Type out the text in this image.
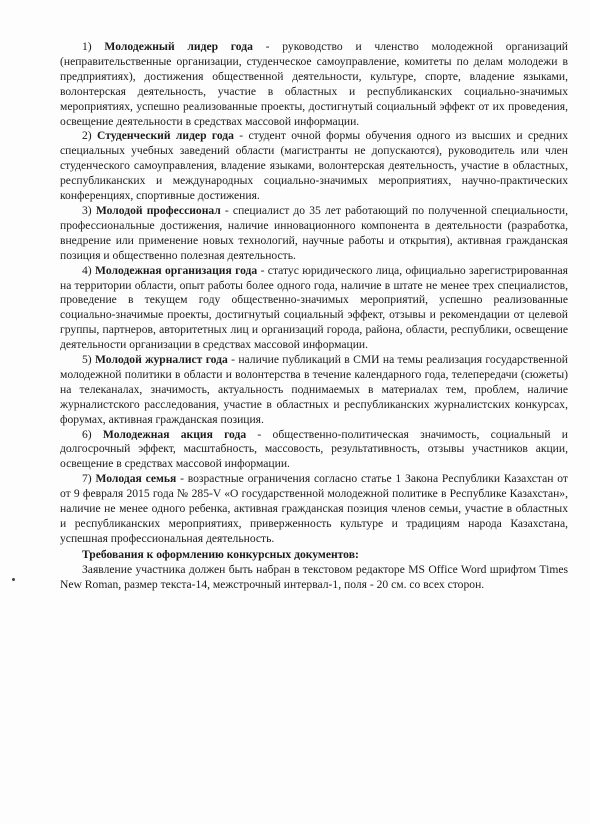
1) Молодежный лидер года - руководство и членство молодежной организаций (неправительственные организации, студенческое самоуправление, комитеты по делам молодежи в предприятиях), достижения общественной деятельности, культуре, спорте, владение языками, волонтерская деятельность, участие в областных и республиканских социально-значимых мероприятиях, успешно реализованные проекты, достигнутый социальный эффект от их проведения, освещение деятельности в средствах массовой информации.

2) Студенческий лидер года - студент очной формы обучения одного из высших и средних специальных учебных заведений области (магистранты не допускаются), руководитель или член студенческого самоуправления, владение языками, волонтерская деятельность, участие в областных, республиканских и международных социально-значимых мероприятиях, научно-практических конференциях, спортивные достижения.

3) Молодой профессионал - специалист до 35 лет работающий по полученной специальности, профессиональные достижения, наличие инновационного компонента в деятельности (разработка, внедрение или применение новых технологий, научные работы и открытия), активная гражданская позиция и общественно полезная деятельность.

4) Молодежная организация года - статус юридического лица, официально зарегистрированная на территории области, опыт работы более одного года, наличие в штате не менее трех специалистов, проведение в текущем году общественно-значимых мероприятий, успешно реализованные социально-значимые проекты, достигнутый социальный эффект, отзывы и рекомендации от целевой группы, партнеров, авторитетных лиц и организаций города, района, области, республики, освещение деятельности организации в средствах массовой информации.

5) Молодой журналист года - наличие публикаций в СМИ на темы реализация государственной молодежной политики в области и волонтерства в течение календарного года, телепередачи (сюжеты) на телеканалах, значимость, актуальность поднимаемых в материалах тем, проблем, наличие журналистского расследования, участие в областных и республиканских журналистских конкурсах, форумах, активная гражданская позиция.

6) Молодежная акция года - общественно-политическая значимость, социальный и долгосрочный эффект, масштабность, массовость, результативность, отзывы участников акции, освещение в средствах массовой информации.

7) Молодая семья - возрастные ограничения согласно статье 1 Закона Республики Казахстан от от 9 февраля 2015 года № 285-V «О государственной молодежной политике в Республике Казахстан», наличие не менее одного ребенка, активная гражданская позиция членов семьи, участие в областных и республиканских мероприятиях, приверженность культуре и традициям народа Казахстана, успешная профессиональная деятельность.

Требования к оформлению конкурсных документов:

Заявление участника должен быть набран в текстовом редакторе MS Office Word шрифтом Times New Roman, размер текста-14, межстрочный интервал-1, поля - 20 см. со всех сторон.
